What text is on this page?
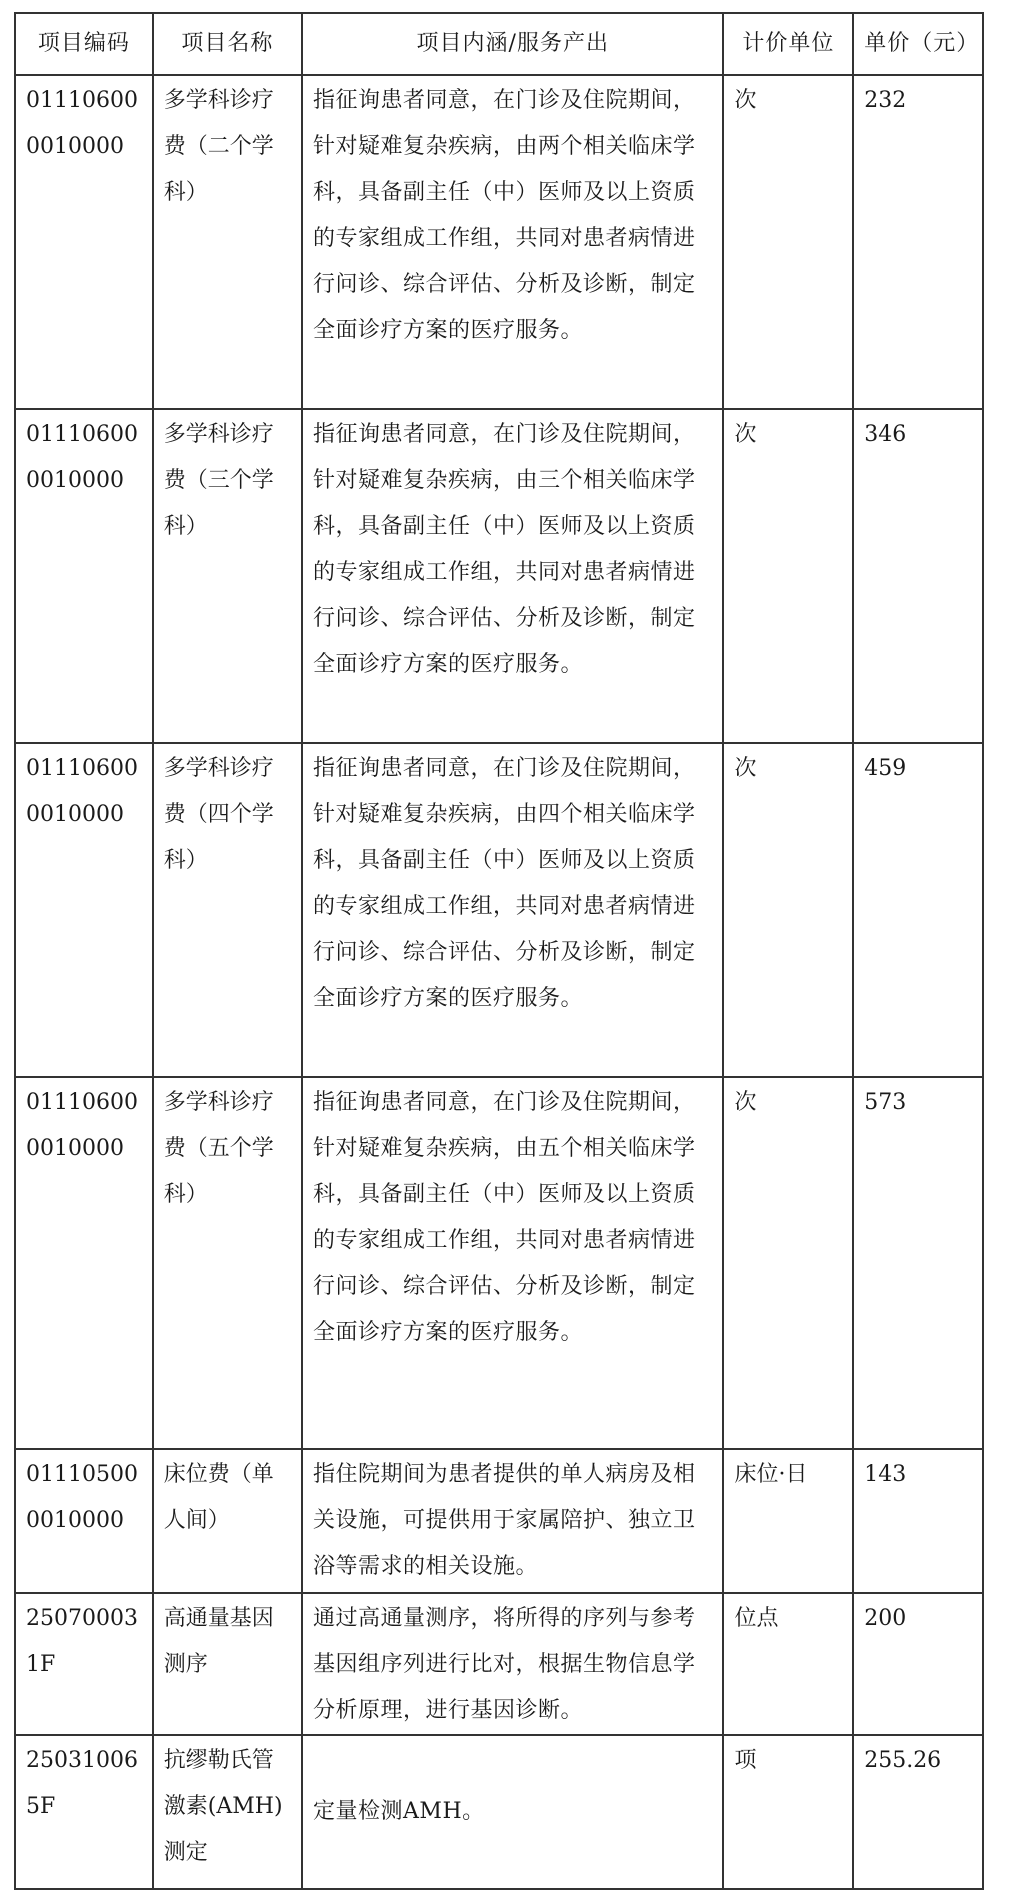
项目编码	项目名称	项目内涵/服务产出	计价单位	单价（元）
011106000010000	多学科诊疗费（二个学科）	指征询患者同意，在门诊及住院期间，针对疑难复杂疾病，由两个相关临床学科，具备副主任（中）医师及以上资质的专家组成工作组，共同对患者病情进行问诊、综合评估、分析及诊断，制定全面诊疗方案的医疗服务。	次	232
011106000010000	多学科诊疗费（三个学科）	指征询患者同意，在门诊及住院期间，针对疑难复杂疾病，由三个相关临床学科，具备副主任（中）医师及以上资质的专家组成工作组，共同对患者病情进行问诊、综合评估、分析及诊断，制定全面诊疗方案的医疗服务。	次	346
011106000010000	多学科诊疗费（四个学科）	指征询患者同意，在门诊及住院期间，针对疑难复杂疾病，由四个相关临床学科，具备副主任（中）医师及以上资质的专家组成工作组，共同对患者病情进行问诊、综合评估、分析及诊断，制定全面诊疗方案的医疗服务。	次	459
011106000010000	多学科诊疗费（五个学科）	指征询患者同意，在门诊及住院期间，针对疑难复杂疾病，由五个相关临床学科，具备副主任（中）医师及以上资质的专家组成工作组，共同对患者病情进行问诊、综合评估、分析及诊断，制定全面诊疗方案的医疗服务。	次	573
011105000010000	床位费（单人间）	指住院期间为患者提供的单人病房及相关设施，可提供用于家属陪护、独立卫浴等需求的相关设施。	床位·日	143
250700031F	高通量基因测序	通过高通量测序，将所得的序列与参考基因组序列进行比对，根据生物信息学分析原理，进行基因诊断。	位点	200
250310065F	抗缪勒氏管激素(AMH)测定	定量检测AMH。	项	255.26
